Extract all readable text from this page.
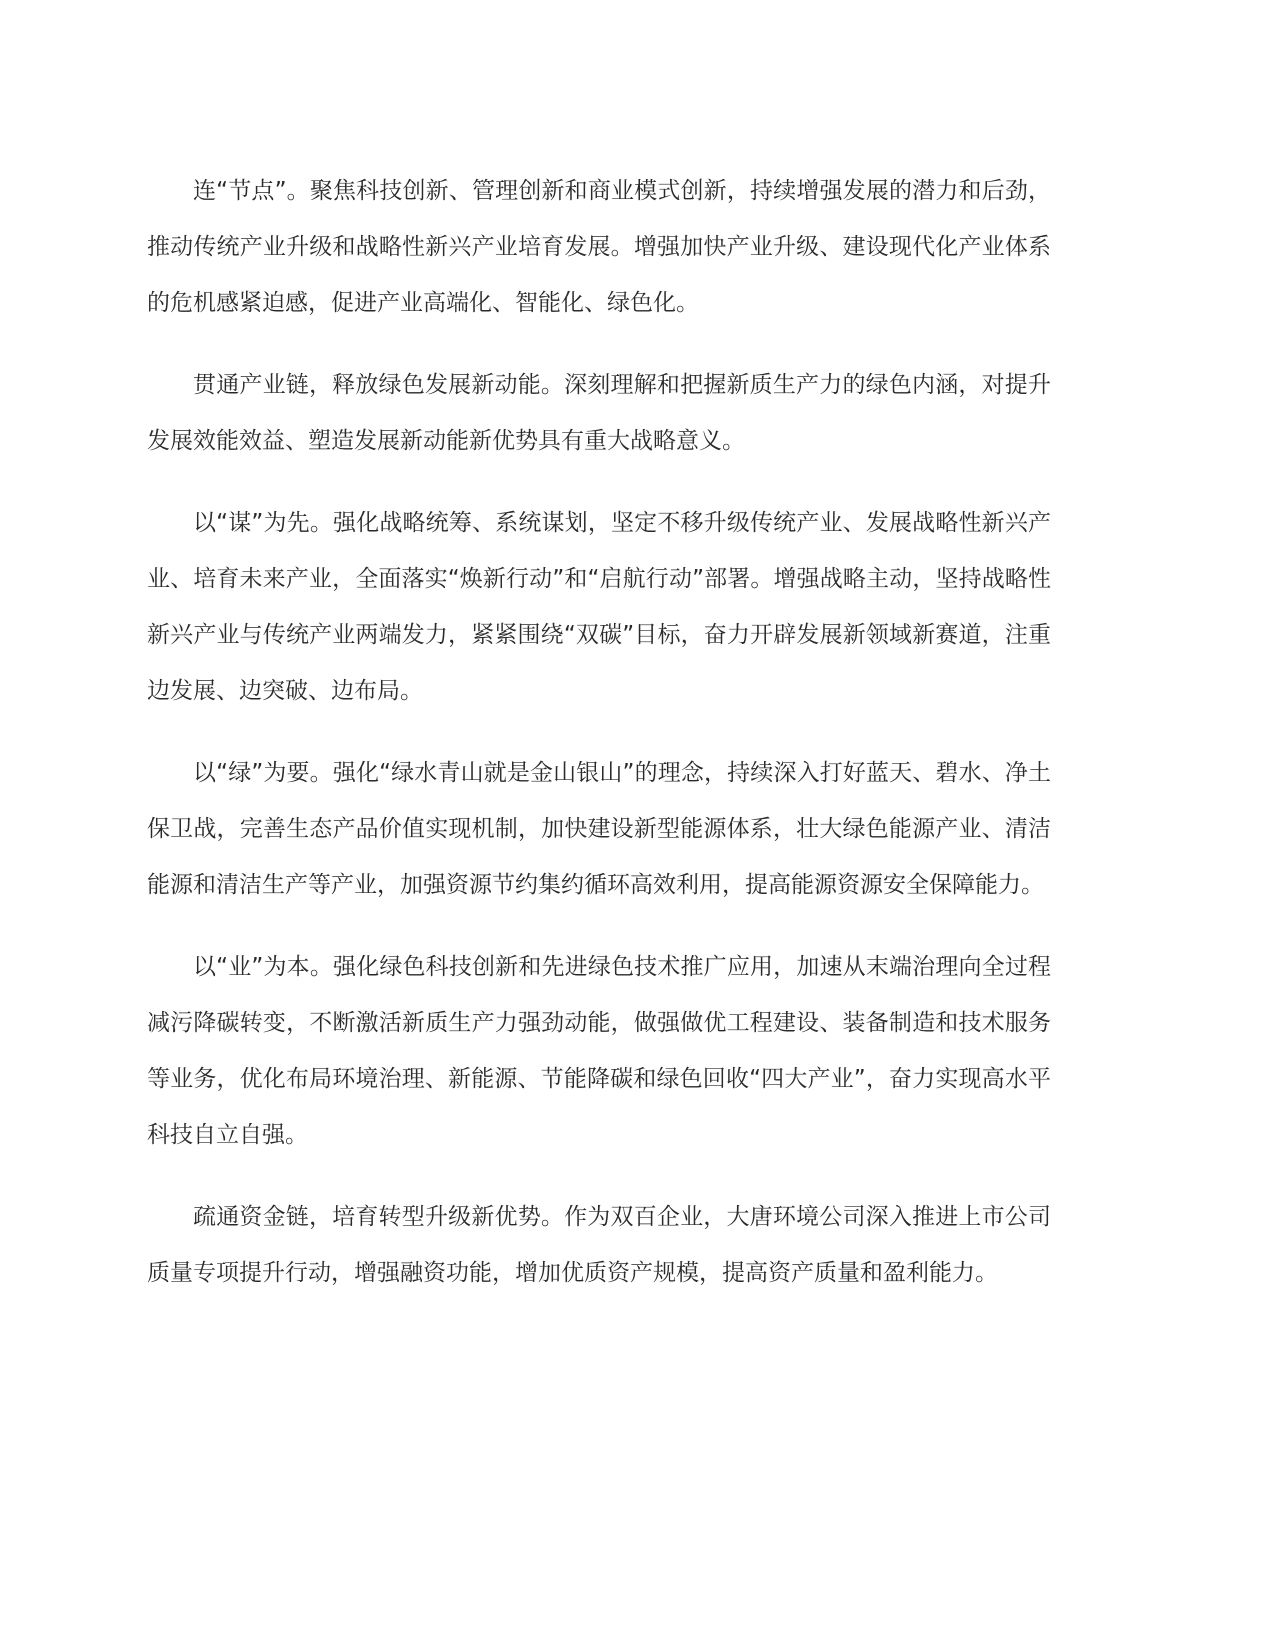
连“节点”。聚焦科技创新、管理创新和商业模式创新，持续增强发展的潜力和后劲，推动传统产业升级和战略性新兴产业培育发展。增强加快产业升级、建设现代化产业体系的危机感紧迫感，促进产业高端化、智能化、绿色化。

贯通产业链，释放绿色发展新动能。深刻理解和把握新质生产力的绿色内涵，对提升发展效能效益、塑造发展新动能新优势具有重大战略意义。

以“谋”为先。强化战略统筹、系统谋划，坚定不移升级传统产业、发展战略性新兴产业、培育未来产业，全面落实“焕新行动”和“启航行动”部署。增强战略主动，坚持战略性新兴产业与传统产业两端发力，紧紧围绕“双碳”目标，奋力开辟发展新领域新赛道，注重边发展、边突破、边布局。

以“绿”为要。强化“绿水青山就是金山银山”的理念，持续深入打好蓝天、碧水、净土保卫战，完善生态产品价值实现机制，加快建设新型能源体系，壮大绿色能源产业、清洁能源和清洁生产等产业，加强资源节约集约循环高效利用，提高能源资源安全保障能力。

以“业”为本。强化绿色科技创新和先进绿色技术推广应用，加速从末端治理向全过程减污降碳转变，不断激活新质生产力强劲动能，做强做优工程建设、装备制造和技术服务等业务，优化布局环境治理、新能源、节能降碳和绿色回收“四大产业”，奋力实现高水平科技自立自强。

疏通资金链，培育转型升级新优势。作为双百企业，大唐环境公司深入推进上市公司质量专项提升行动，增强融资功能，增加优质资产规模，提高资产质量和盈利能力。
